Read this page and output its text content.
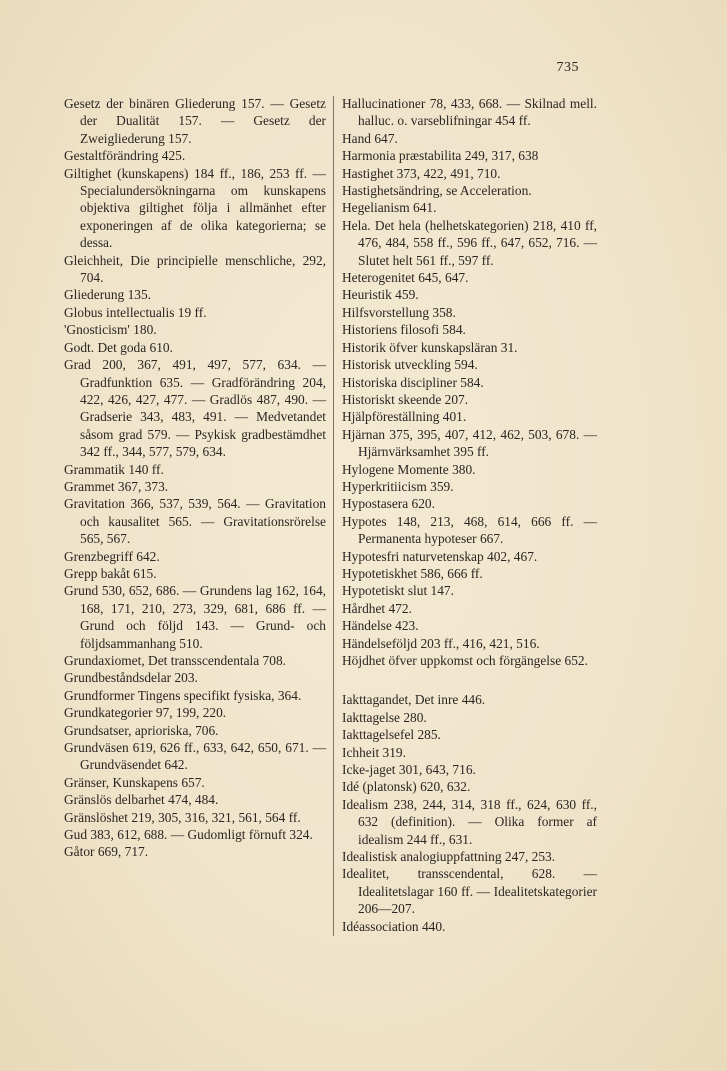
735

Gesetz der binären Gliederung 157. — Gesetz der Dualität 157. — Gesetz der Zweigliederung 157.

Gestaltförändring 425.

Giltighet (kunskapens) 184 ff., 186, 253 ff. — Specialundersökningarna om kunskapens objektiva giltighet följa i allmänhet efter exponeringen af de olika kategorierna; se dessa.

Gleichheit, Die principielle menschliche, 292, 704.

Gliederung 135.

Globus intellectualis 19 ff.

'Gnosticism' 180.

Godt. Det goda 610.

Grad 200, 367, 491, 497, 577, 634. — Gradfunktion 635. — Gradförändring 204, 422, 426, 427, 477. — Gradlös 487, 490. — Gradserie 343, 483, 491. — Medvetandet såsom grad 579. — Psykisk gradbestämdhet 342 ff., 344, 577, 579, 634.

Grammatik 140 ff.

Grammet 367, 373.

Gravitation 366, 537, 539, 564. — Gravitation och kausalitet 565. — Gravitationsrörelse 565, 567.

Grenzbegriff 642.

Grepp bakåt 615.

Grund 530, 652, 686. — Grundens lag 162, 164, 168, 171, 210, 273, 329, 681, 686 ff. — Grund och följd 143. — Grund- och följdsammanhang 510.

Grundaxiomet, Det transscendentala 708.

Grundbeståndsdelar 203.

Grundformer Tingens specifikt fysiska, 364.

Grundkategorier 97, 199, 220.

Grundsatser, aprioriska, 706.

Grundväsen 619, 626 ff., 633, 642, 650, 671. — Grundväsendet 642.

Gränser, Kunskapens 657.

Gränslös delbarhet 474, 484.

Gränslöshet 219, 305, 316, 321, 561, 564 ff.

Gud 383, 612, 688. — Gudomligt förnuft 324.

Gåtor 669, 717.

Hallucinationer 78, 433, 668. — Skilnad mell. halluc. o. varseblifningar 454 ff.

Hand 647.

Harmonia præstabilita 249, 317, 638

Hastighet 373, 422, 491, 710.

Hastighetsändring, se Acceleration.

Hegelianism 641.

Hela. Det hela (helhetskategorien) 218, 410 ff, 476, 484, 558 ff., 596 ff., 647, 652, 716. — Slutet helt 561 ff., 597 ff.

Heterogenitet 645, 647.

Heuristik 459.

Hilfsvorstellung 358.

Historiens filosofi 584.

Historik öfver kunskapsläran 31.

Historisk utveckling 594.

Historiska discipliner 584.

Historiskt skeende 207.

Hjälpföreställning 401.

Hjärnan 375, 395, 407, 412, 462, 503, 678. — Hjärnvärksamhet 395 ff.

Hylogene Momente 380.

Hyperkritiicism 359.

Hypostasera 620.

Hypotes 148, 213, 468, 614, 666 ff. — Permanenta hypoteser 667.

Hypotesfri naturvetenskap 402, 467.

Hypotetiskhet 586, 666 ff.

Hypotetiskt slut 147.

Hårdhet 472.

Händelse 423.

Händelseföljd 203 ff., 416, 421, 516.

Höjdhet öfver uppkomst och förgängelse 652.

Iakttagandet, Det inre 446.

Iakttagelse 280.

Iakttagelsefel 285.

Ichheit 319.

Icke-jaget 301, 643, 716.

Idé (platonsk) 620, 632.

Idealism 238, 244, 314, 318 ff., 624, 630 ff., 632 (definition). — Olika former af idealism 244 ff., 631.

Idealistisk analogiuppfattning 247, 253.

Idealitet, transscendental, 628. — Idealitetslagar 160 ff. — Idealitetskategorier 206—207.

Idéassociation 440.
